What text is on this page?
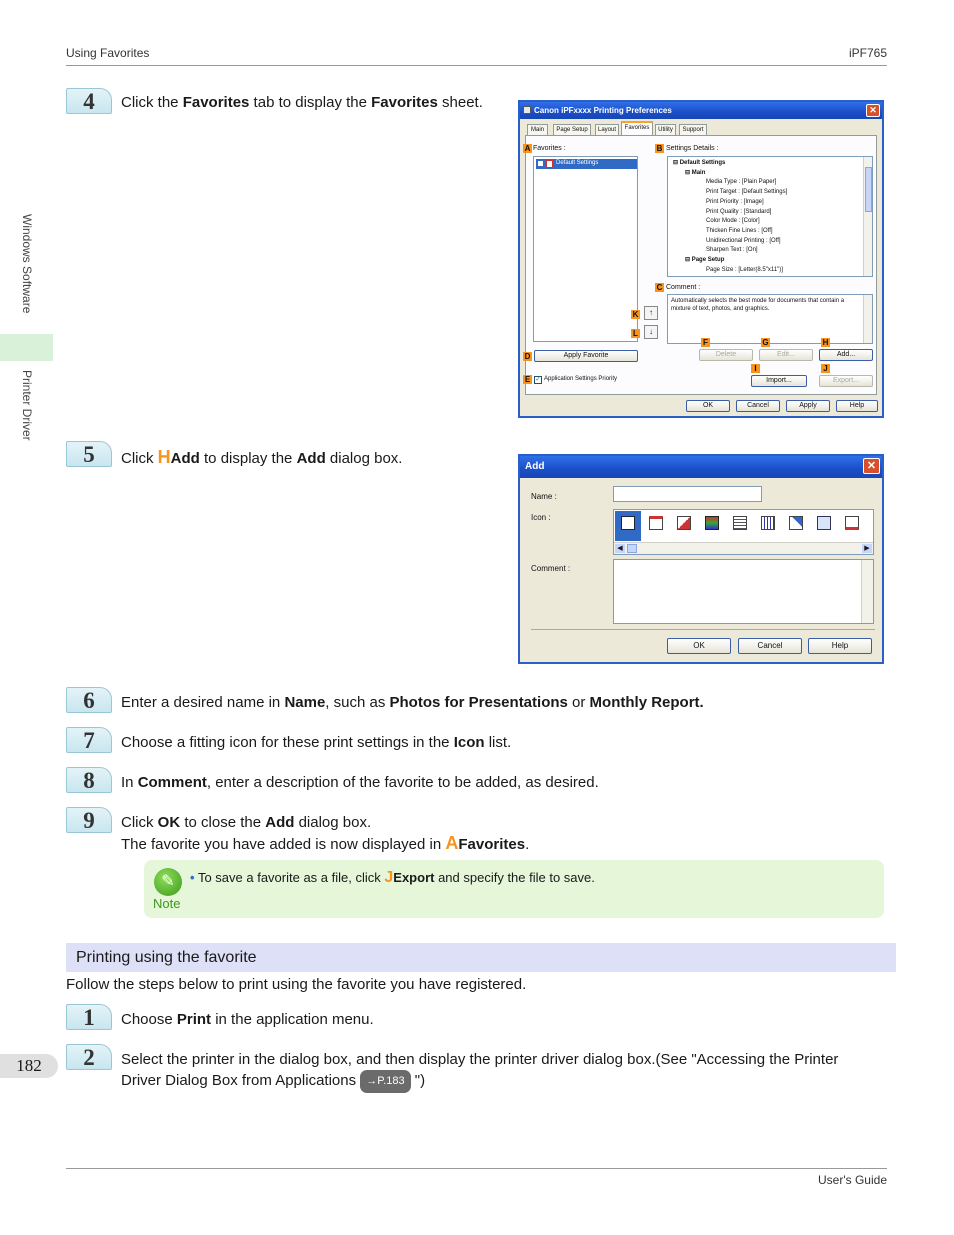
Using Favorites	iPF765
User's Guide
Windows Software
Printer Driver
182
4	Click the Favorites tab to display the Favorites sheet.	Canon iPFxxxx Printing Preferences	✕
Main	Page Setup	Layout	Favorites	Utility	Support
A Favorites :
Default Settings
B Settings Details :
⊟ Default Settings
⊟ Main
Media Type : [Plain Paper]
Print Target : [Default Settings]
Print Priority : [Image]
Print Quality : [Standard]
Color Mode : [Color]
Thicken Fine Lines : [Off]
Unidirectional Printing : [Off]
Sharpen Text : [On]
⊟ Page Setup
Page Size : [Letter(8.5"x11")]
C Comment :
Automatically selects the best mode for documents that contain a
mixture of text, photos, and graphics.
K	↑
L	↓
D	Apply Favorite
F	G	H
Delete	Edit...	Add...
I	J
Import...	Export...
E ✓ Application Settings Priority
OK	Cancel	Apply	Help
5	Click HAdd to display the Add dialog box.	Add	✕
Name :
Icon :
◀	▶
Comment :
OK	Cancel	Help
6	Enter a desired name in Name, such as Photos for Presentations or Monthly Report.
7	Choose a fitting icon for these print settings in the Icon list.
8	In Comment, enter a description of the favorite to be added, as desired.
9	Click OK to close the Add dialog box.
The favorite you have added is now displayed in AFavorites.
✎
Note
• To save a favorite as a file, click JExport and specify the file to save.
Printing using the favorite
Follow the steps below to print using the favorite you have registered.
1	Choose Print in the application menu.
2	Select the printer in the dialog box, and then display the printer driver dialog box.(See "Accessing the Printer
Driver Dialog Box from Applications →P.183 ")
